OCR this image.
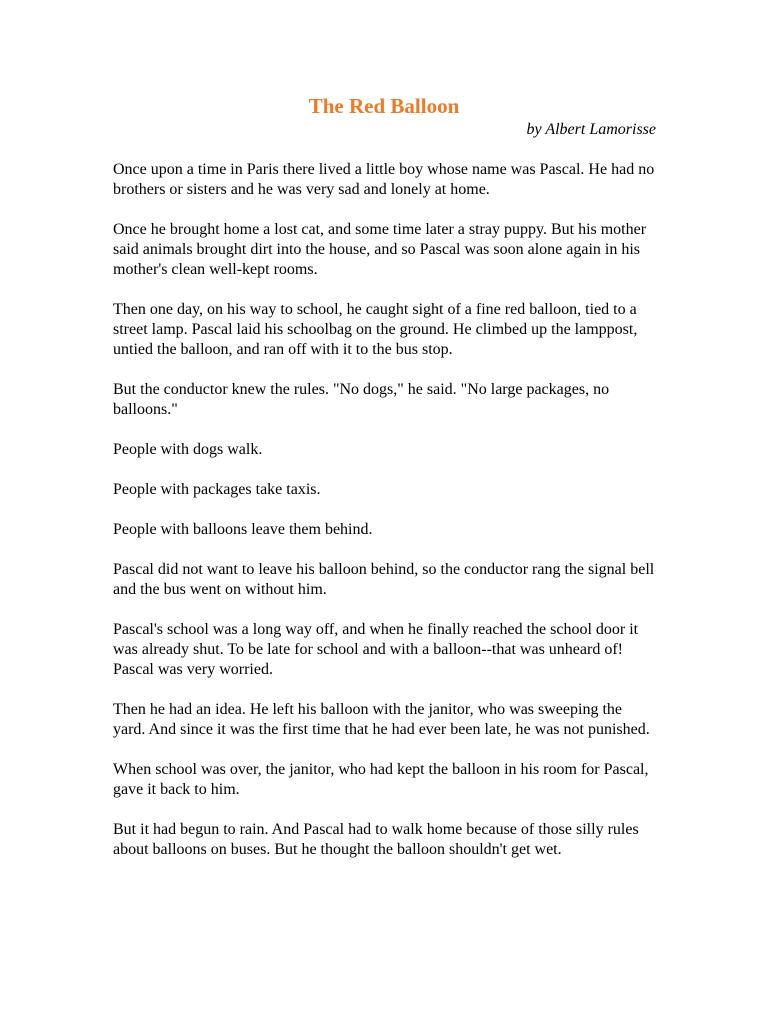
The Red Balloon
by Albert Lamorisse

Once upon a time in Paris there lived a little boy whose name was Pascal. He had no brothers or sisters and he was very sad and lonely at home.

Once he brought home a lost cat, and some time later a stray puppy. But his mother said animals brought dirt into the house, and so Pascal was soon alone again in his mother's clean well-kept rooms.

Then one day, on his way to school, he caught sight of a fine red balloon, tied to a street lamp. Pascal laid his schoolbag on the ground. He climbed up the lamppost, untied the balloon, and ran off with it to the bus stop.

But the conductor knew the rules. "No dogs," he said. "No large packages, no balloons."

People with dogs walk.

People with packages take taxis.

People with balloons leave them behind.

Pascal did not want to leave his balloon behind, so the conductor rang the signal bell and the bus went on without him.

Pascal's school was a long way off, and when he finally reached the school door it was already shut. To be late for school and with a balloon--that was unheard of! Pascal was very worried.

Then he had an idea. He left his balloon with the janitor, who was sweeping the yard. And since it was the first time that he had ever been late, he was not punished.

When school was over, the janitor, who had kept the balloon in his room for Pascal, gave it back to him.

But it had begun to rain. And Pascal had to walk home because of those silly rules about balloons on buses. But he thought the balloon shouldn't get wet.
